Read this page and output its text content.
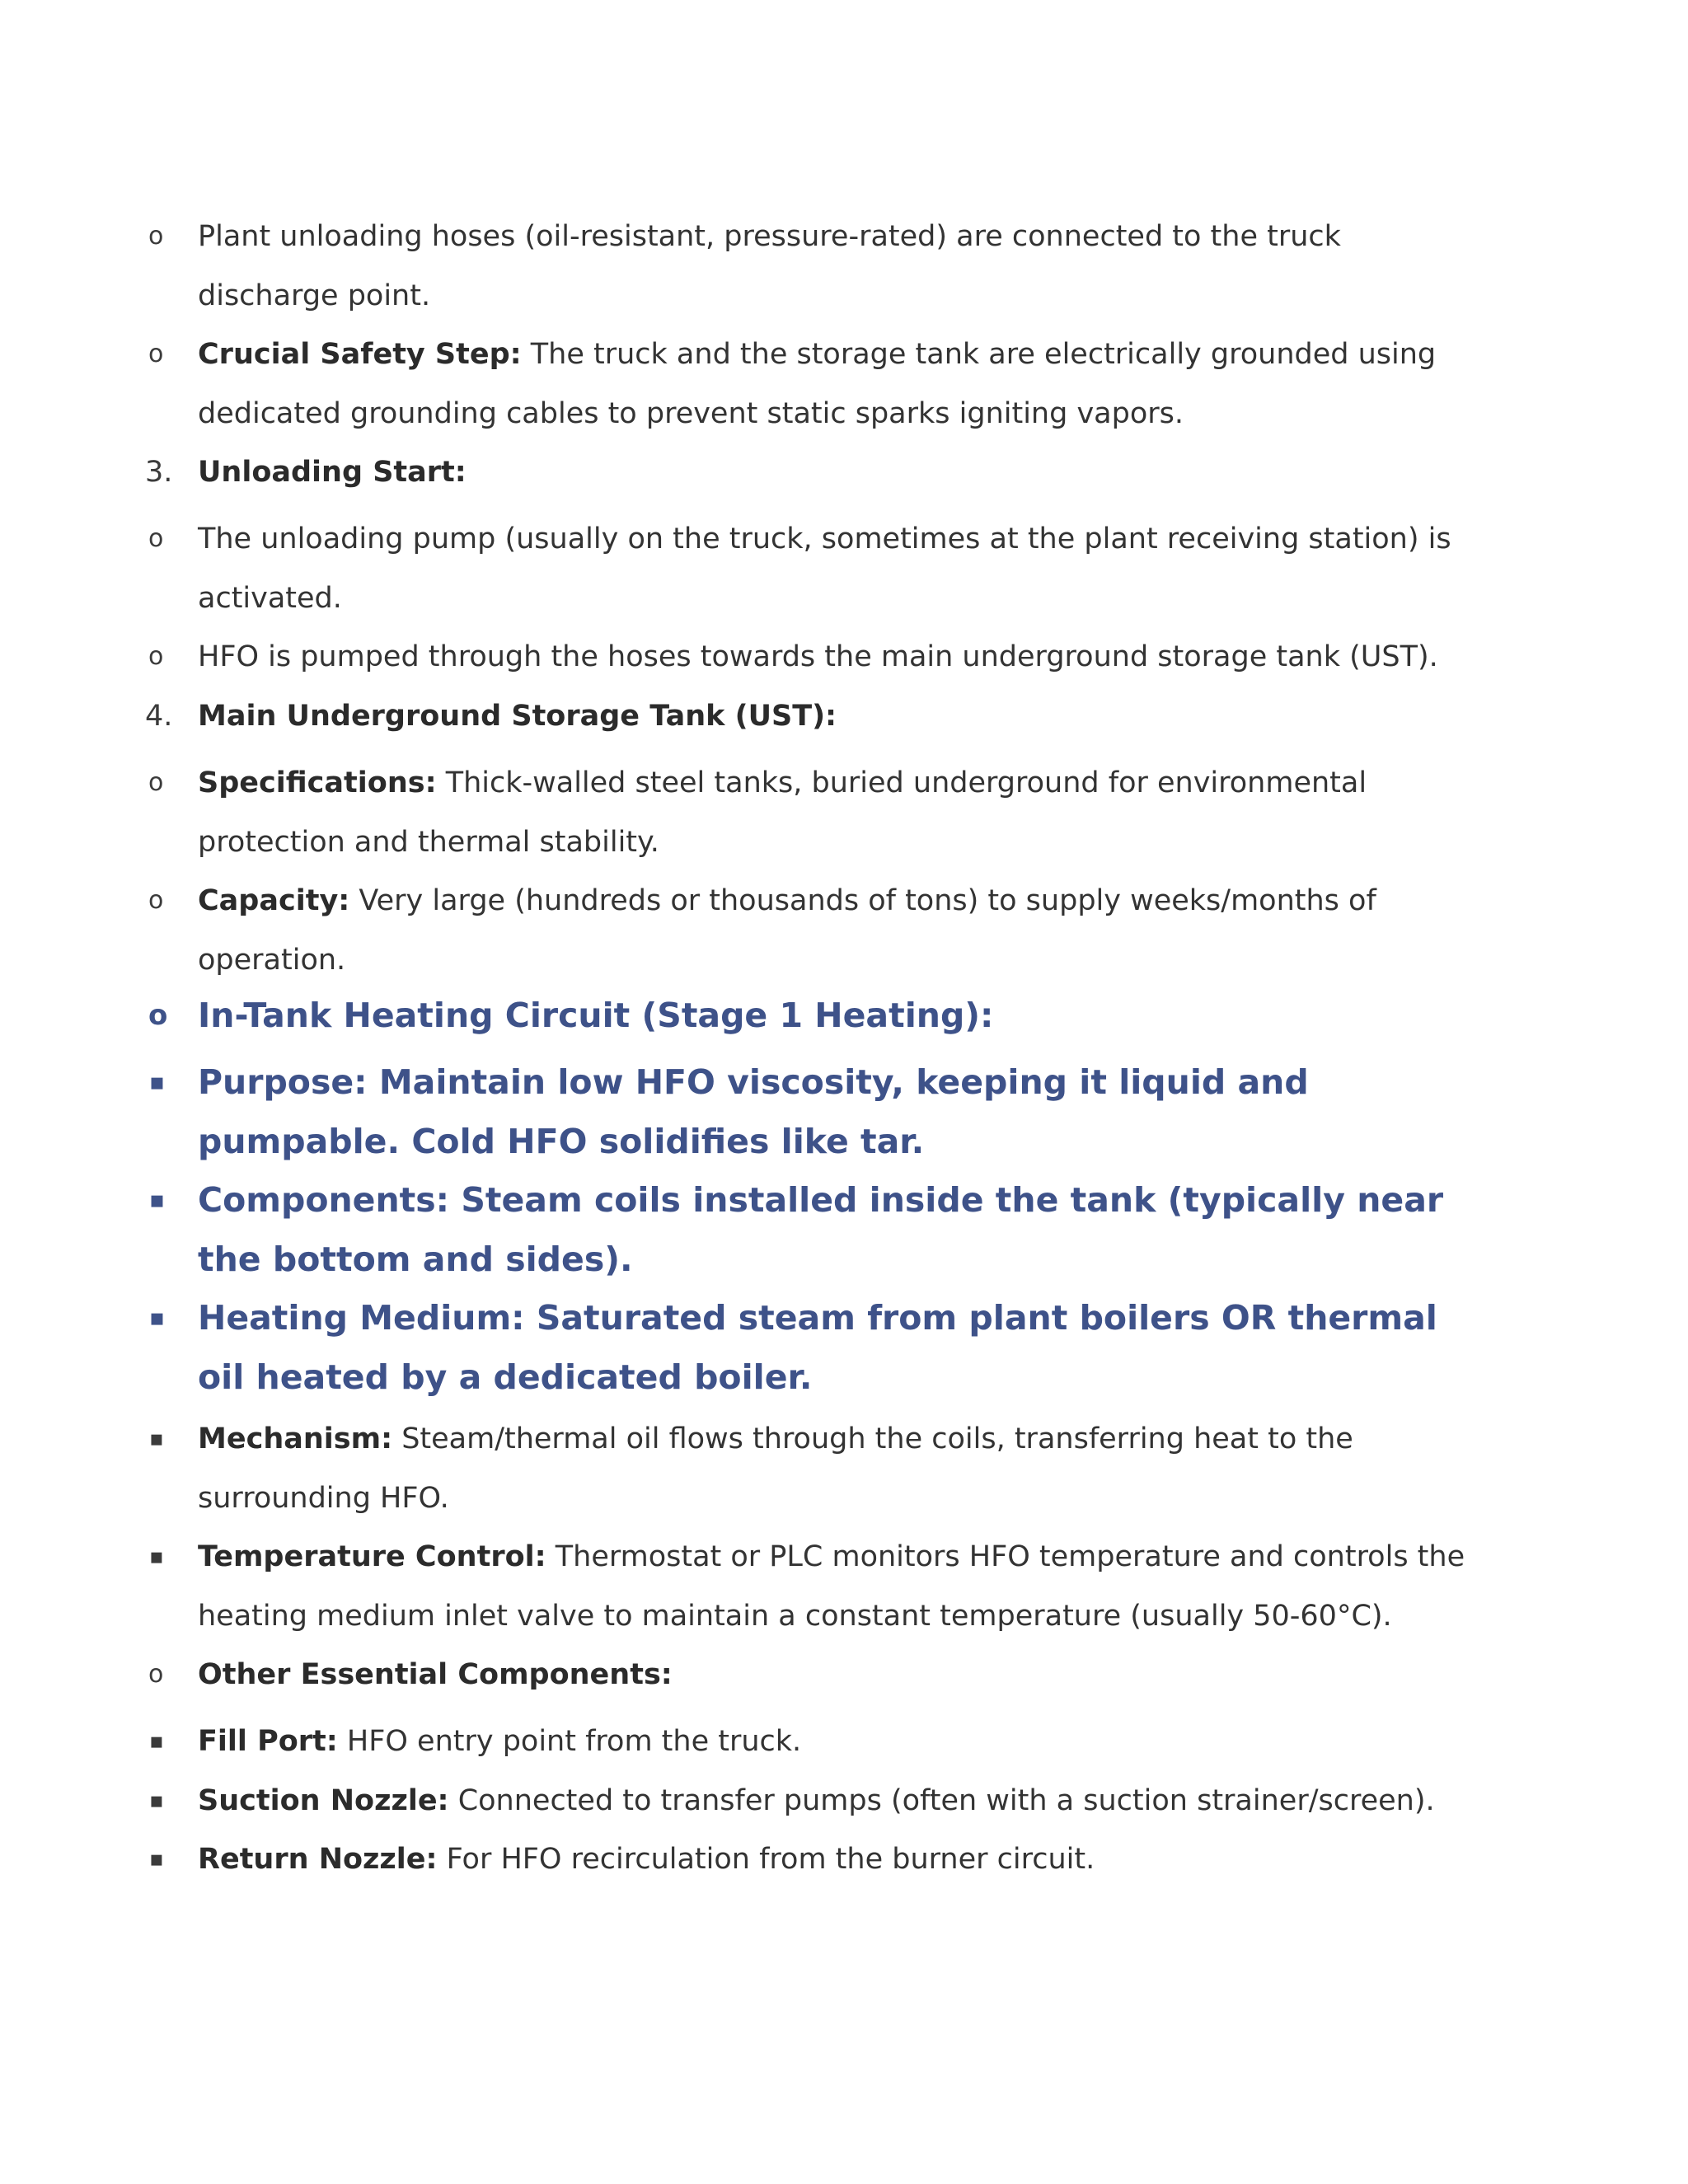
o Plant unloading hoses (oil-resistant, pressure-rated) are connected to the truck discharge point.
o Crucial Safety Step: The truck and the storage tank are electrically grounded using dedicated grounding cables to prevent static sparks igniting vapors.
3. Unloading Start:
o The unloading pump (usually on the truck, sometimes at the plant receiving station) is activated.
o HFO is pumped through the hoses towards the main underground storage tank (UST).
4. Main Underground Storage Tank (UST):
o Specifications: Thick-walled steel tanks, buried underground for environmental protection and thermal stability.
o Capacity: Very large (hundreds or thousands of tons) to supply weeks/months of operation.
o In-Tank Heating Circuit (Stage 1 Heating):
▪ Purpose: Maintain low HFO viscosity, keeping it liquid and pumpable. Cold HFO solidifies like tar.
▪ Components: Steam coils installed inside the tank (typically near the bottom and sides).
▪ Heating Medium: Saturated steam from plant boilers OR thermal oil heated by a dedicated boiler.
▪ Mechanism: Steam/thermal oil flows through the coils, transferring heat to the surrounding HFO.
▪ Temperature Control: Thermostat or PLC monitors HFO temperature and controls the heating medium inlet valve to maintain a constant temperature (usually 50-60°C).
o Other Essential Components:
▪ Fill Port: HFO entry point from the truck.
▪ Suction Nozzle: Connected to transfer pumps (often with a suction strainer/screen).
▪ Return Nozzle: For HFO recirculation from the burner circuit.
